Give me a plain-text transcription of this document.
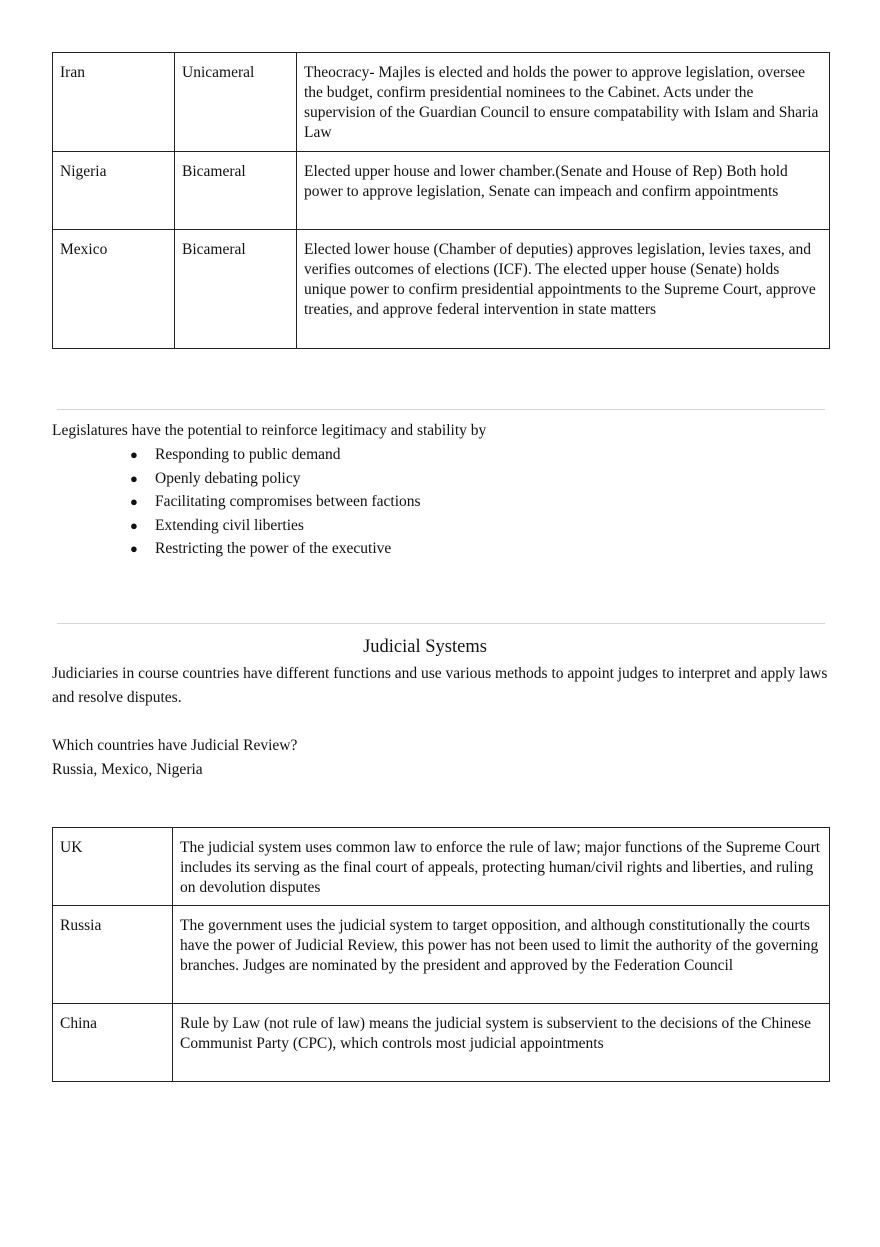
Iran	Unicameral	Theocracy- Majles is elected and holds the power to approve legislation, oversee the budget, confirm presidential nominees to the Cabinet. Acts under the supervision of the Guardian Council to ensure compatability with Islam and Sharia Law
Nigeria	Bicameral	Elected upper house and lower chamber.(Senate and House of Rep) Both hold power to approve legislation, Senate can impeach and confirm appointments
Mexico	Bicameral	Elected lower house (Chamber of deputies) approves legislation, levies taxes, and verifies outcomes of elections (ICF). The elected upper house (Senate) holds unique power to confirm presidential appointments to the Supreme Court, approve treaties, and approve federal intervention in state matters
Legislatures have the potential to reinforce legitimacy and stability by
● Responding to public demand
● Openly debating policy
● Facilitating compromises between factions
● Extending civil liberties
● Restricting the power of the executive
Judicial Systems
Judiciaries in course countries have different functions and use various methods to appoint judges to interpret and apply laws and resolve disputes.
Which countries have Judicial Review?
Russia, Mexico, Nigeria
UK	The judicial system uses common law to enforce the rule of law; major functions of the Supreme Court includes its serving as the final court of appeals, protecting human/civil rights and liberties, and ruling on devolution disputes
Russia	The government uses the judicial system to target opposition, and although constitutionally the courts have the power of Judicial Review, this power has not been used to limit the authority of the governing branches. Judges are nominated by the president and approved by the Federation Council
China	Rule by Law (not rule of law) means the judicial system is subservient to the decisions of the Chinese Communist Party (CPC), which controls most judicial appointments
